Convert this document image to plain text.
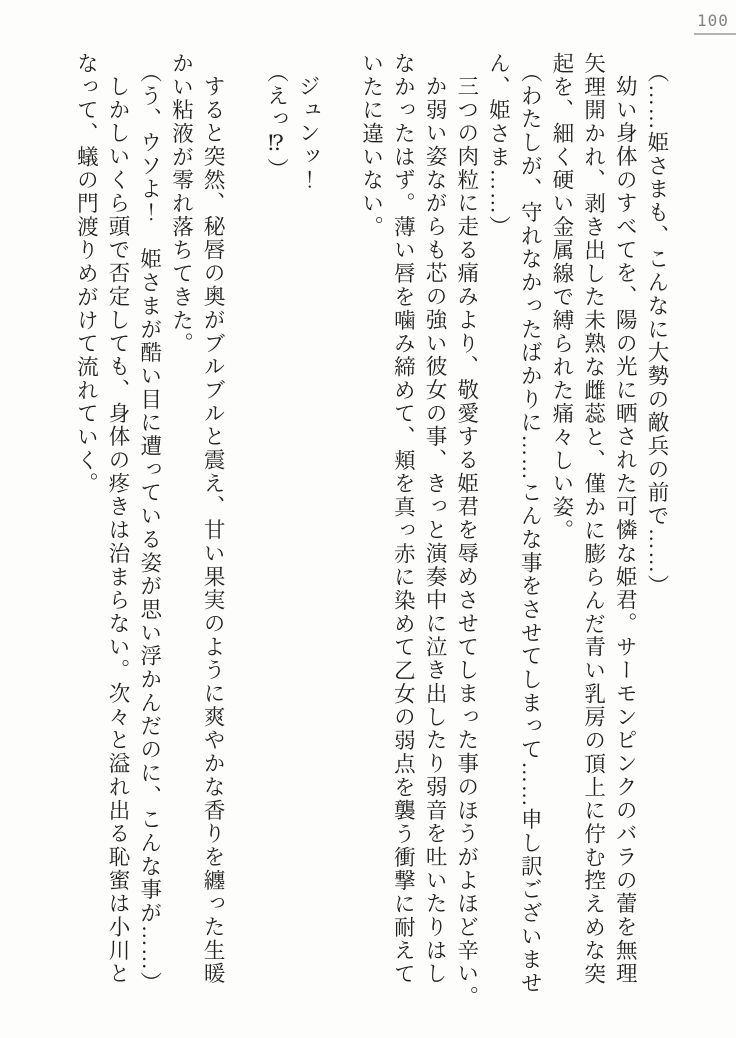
100

（……姫さまも、こんなに大勢の敵兵の前で……）

幼い身体のすべてを、陽の光に晒された可憐な姫君。サーモンピンクのバラの蕾を無理

矢理開かれ、剥き出した未熟な雌蕊と、僅かに膨らんだ青い乳房の頂上に佇む控えめな突

起を、細く硬い金属線で縛られた痛々しい姿。

（わたしが、守れなかったばかりに……こんな事をさせてしまって……申し訳ございませ

ん、姫さま……）

三つの肉粒に走る痛みより、敬愛する姫君を辱めさせてしまった事のほうがよほど辛い。

か弱い姿ながらも芯の強い彼女の事、きっと演奏中に泣き出したり弱音を吐いたりはし

なかったはず。薄い唇を噛み締めて、頬を真っ赤に染めて乙女の弱点を襲う衝撃に耐えて

いたに違いない。

ジュンッ！

（えっ⁉）

すると突然、秘唇の奥がブルブルと震え、甘い果実のように爽やかな香りを纏った生暖

かい粘液が零れ落ちてきた。

（う、ウソよ！　姫さまが酷い目に遭っている姿が思い浮かんだのに、こんな事が……）

しかしいくら頭で否定しても、身体の疼きは治まらない。次々と溢れ出る恥蜜は小川と

なって、蟻の門渡りめがけて流れていく。
